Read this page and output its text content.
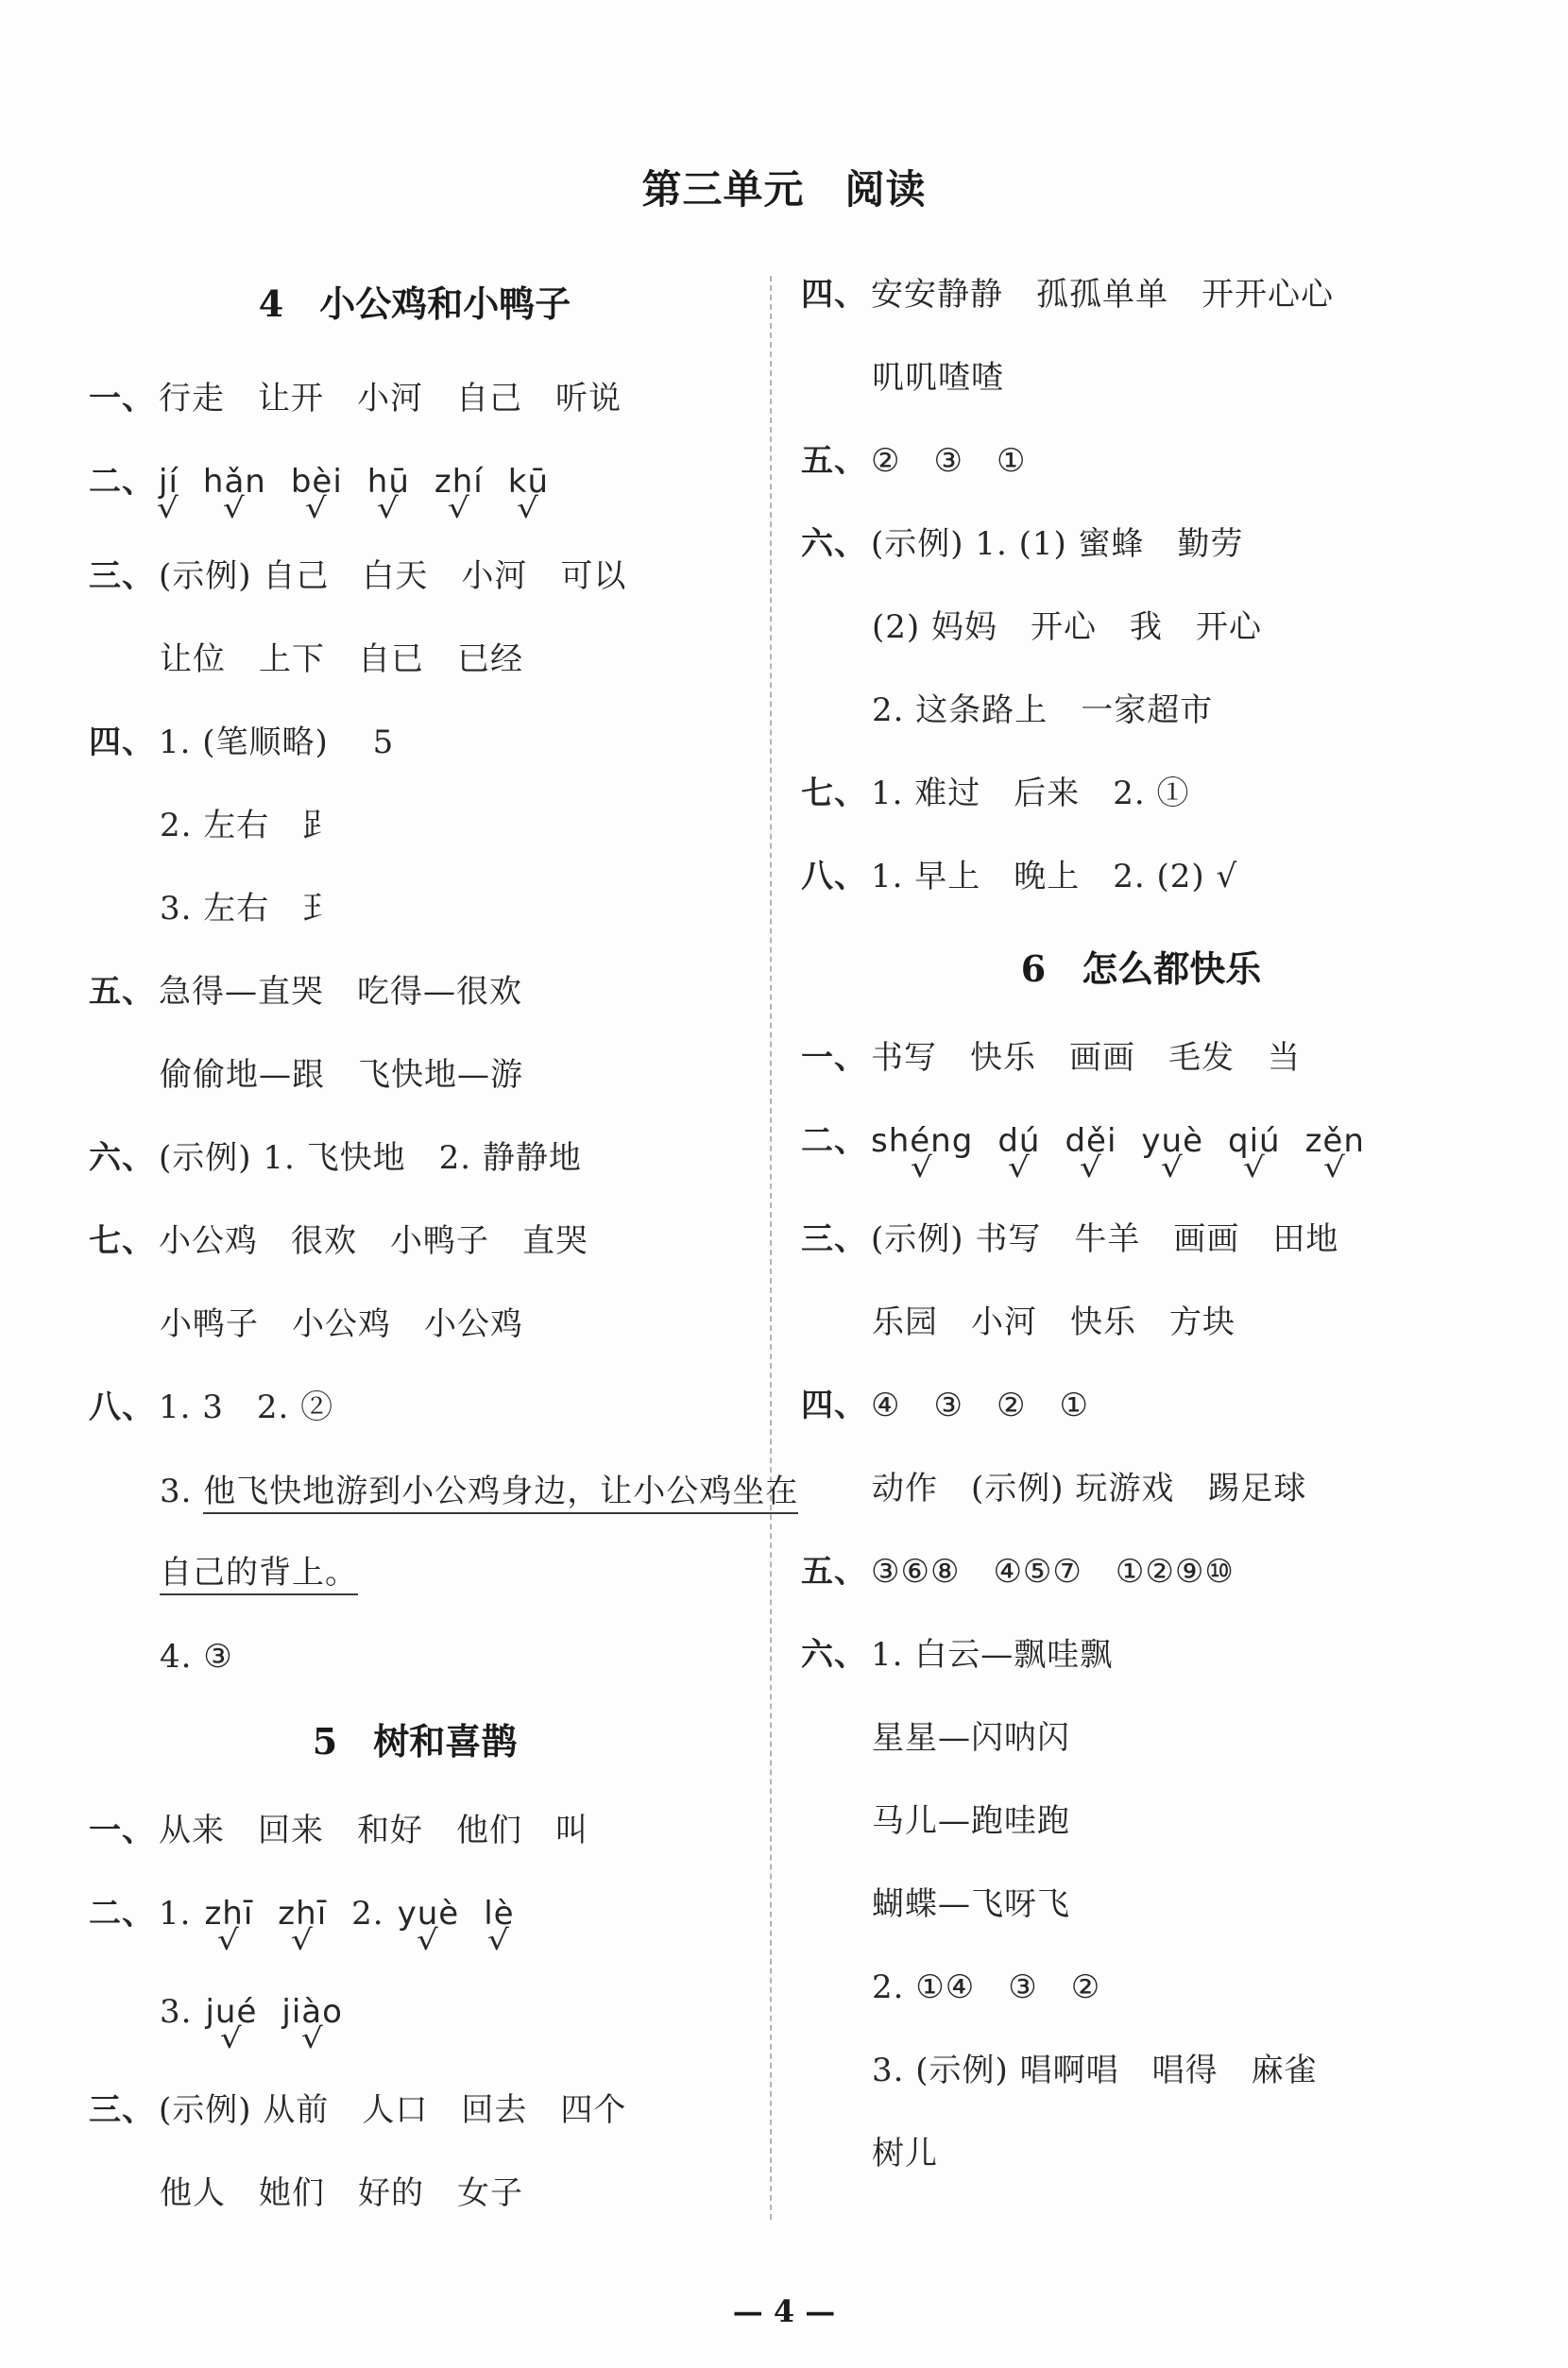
第三单元　阅读
4　小公鸡和小鸭子
一、 行走　让开　小河　自己　听说
二、 jí
√
hǎn
√
bèi
√
hū
√
zhí
√
kū
√
三、 (示例) 自己　白天　小河　可以
让位　上下　自已　已经
四、 1. (笔顺略)　 5
2. 左右　𧾷
3. 左右　⺩
五、 急得—直哭　吃得—很欢
偷偷地—跟　飞快地—游
六、 (示例) 1. 飞快地　2. 静静地
七、 小公鸡　很欢　小鸭子　直哭
小鸭子　小公鸡　小公鸡
八、 1. 3　2. ②
3. 他飞快地游到小公鸡身边，让小公鸡坐在自己的背上。
4. ③
5　树和喜鹊
一、 从来　回来　和好　他们　叫
二、 1. zhī
√
zhī
√
2. yuè
√
lè
√
3. jué
√
jiào
√
三、 (示例) 从前　人口　回去　四个
他人　她们　好的　女子
四、 安安静静　孤孤单单　开开心心
叽叽喳喳
五、 ②　③　①
六、 (示例) 1. (1) 蜜蜂　勤劳
(2) 妈妈　开心　我　开心
2. 这条路上　一家超市
七、 1. 难过　后来　2. ①
八、 1. 早上　晚上　2. (2) √
6　怎么都快乐
一、 书写　快乐　画画　毛发　当
二、 shéng
√
dú
√
děi
√
yuè
√
qiú
√
zěn
√
三、 (示例) 书写　牛羊　画画　田地
乐园　小河　快乐　方块
四、 ④　③　②　①
动作　(示例) 玩游戏　踢足球
五、 ③⑥⑧　④⑤⑦　①②⑨⑩
六、 1. 白云—飘哇飘
星星—闪呐闪
马儿—跑哇跑
蝴蝶—飞呀飞
2. ①④　③　②
3. (示例) 唱啊唱　唱得　麻雀
树儿
— 4 —
